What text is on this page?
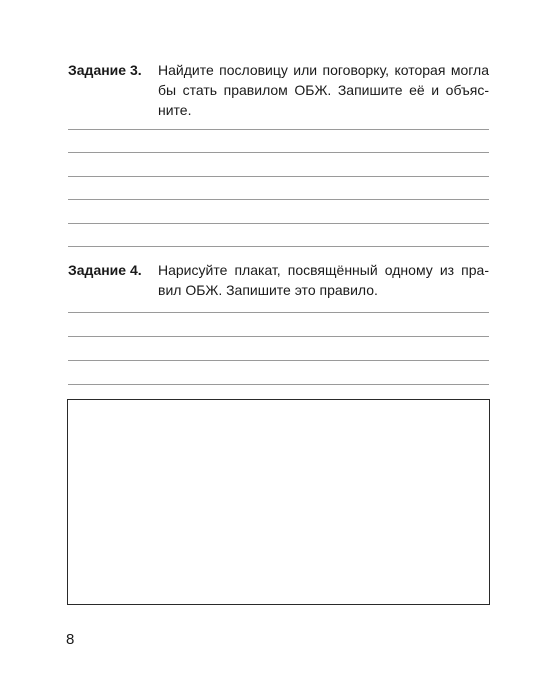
Задание 3. Найдите пословицу или поговорку, которая могла
бы стать правилом ОБЖ. Запишите её и объяс-
ните.
Задание 4. Нарисуйте плакат, посвящённый одному из пра-
вил ОБЖ. Запишите это правило.
8
